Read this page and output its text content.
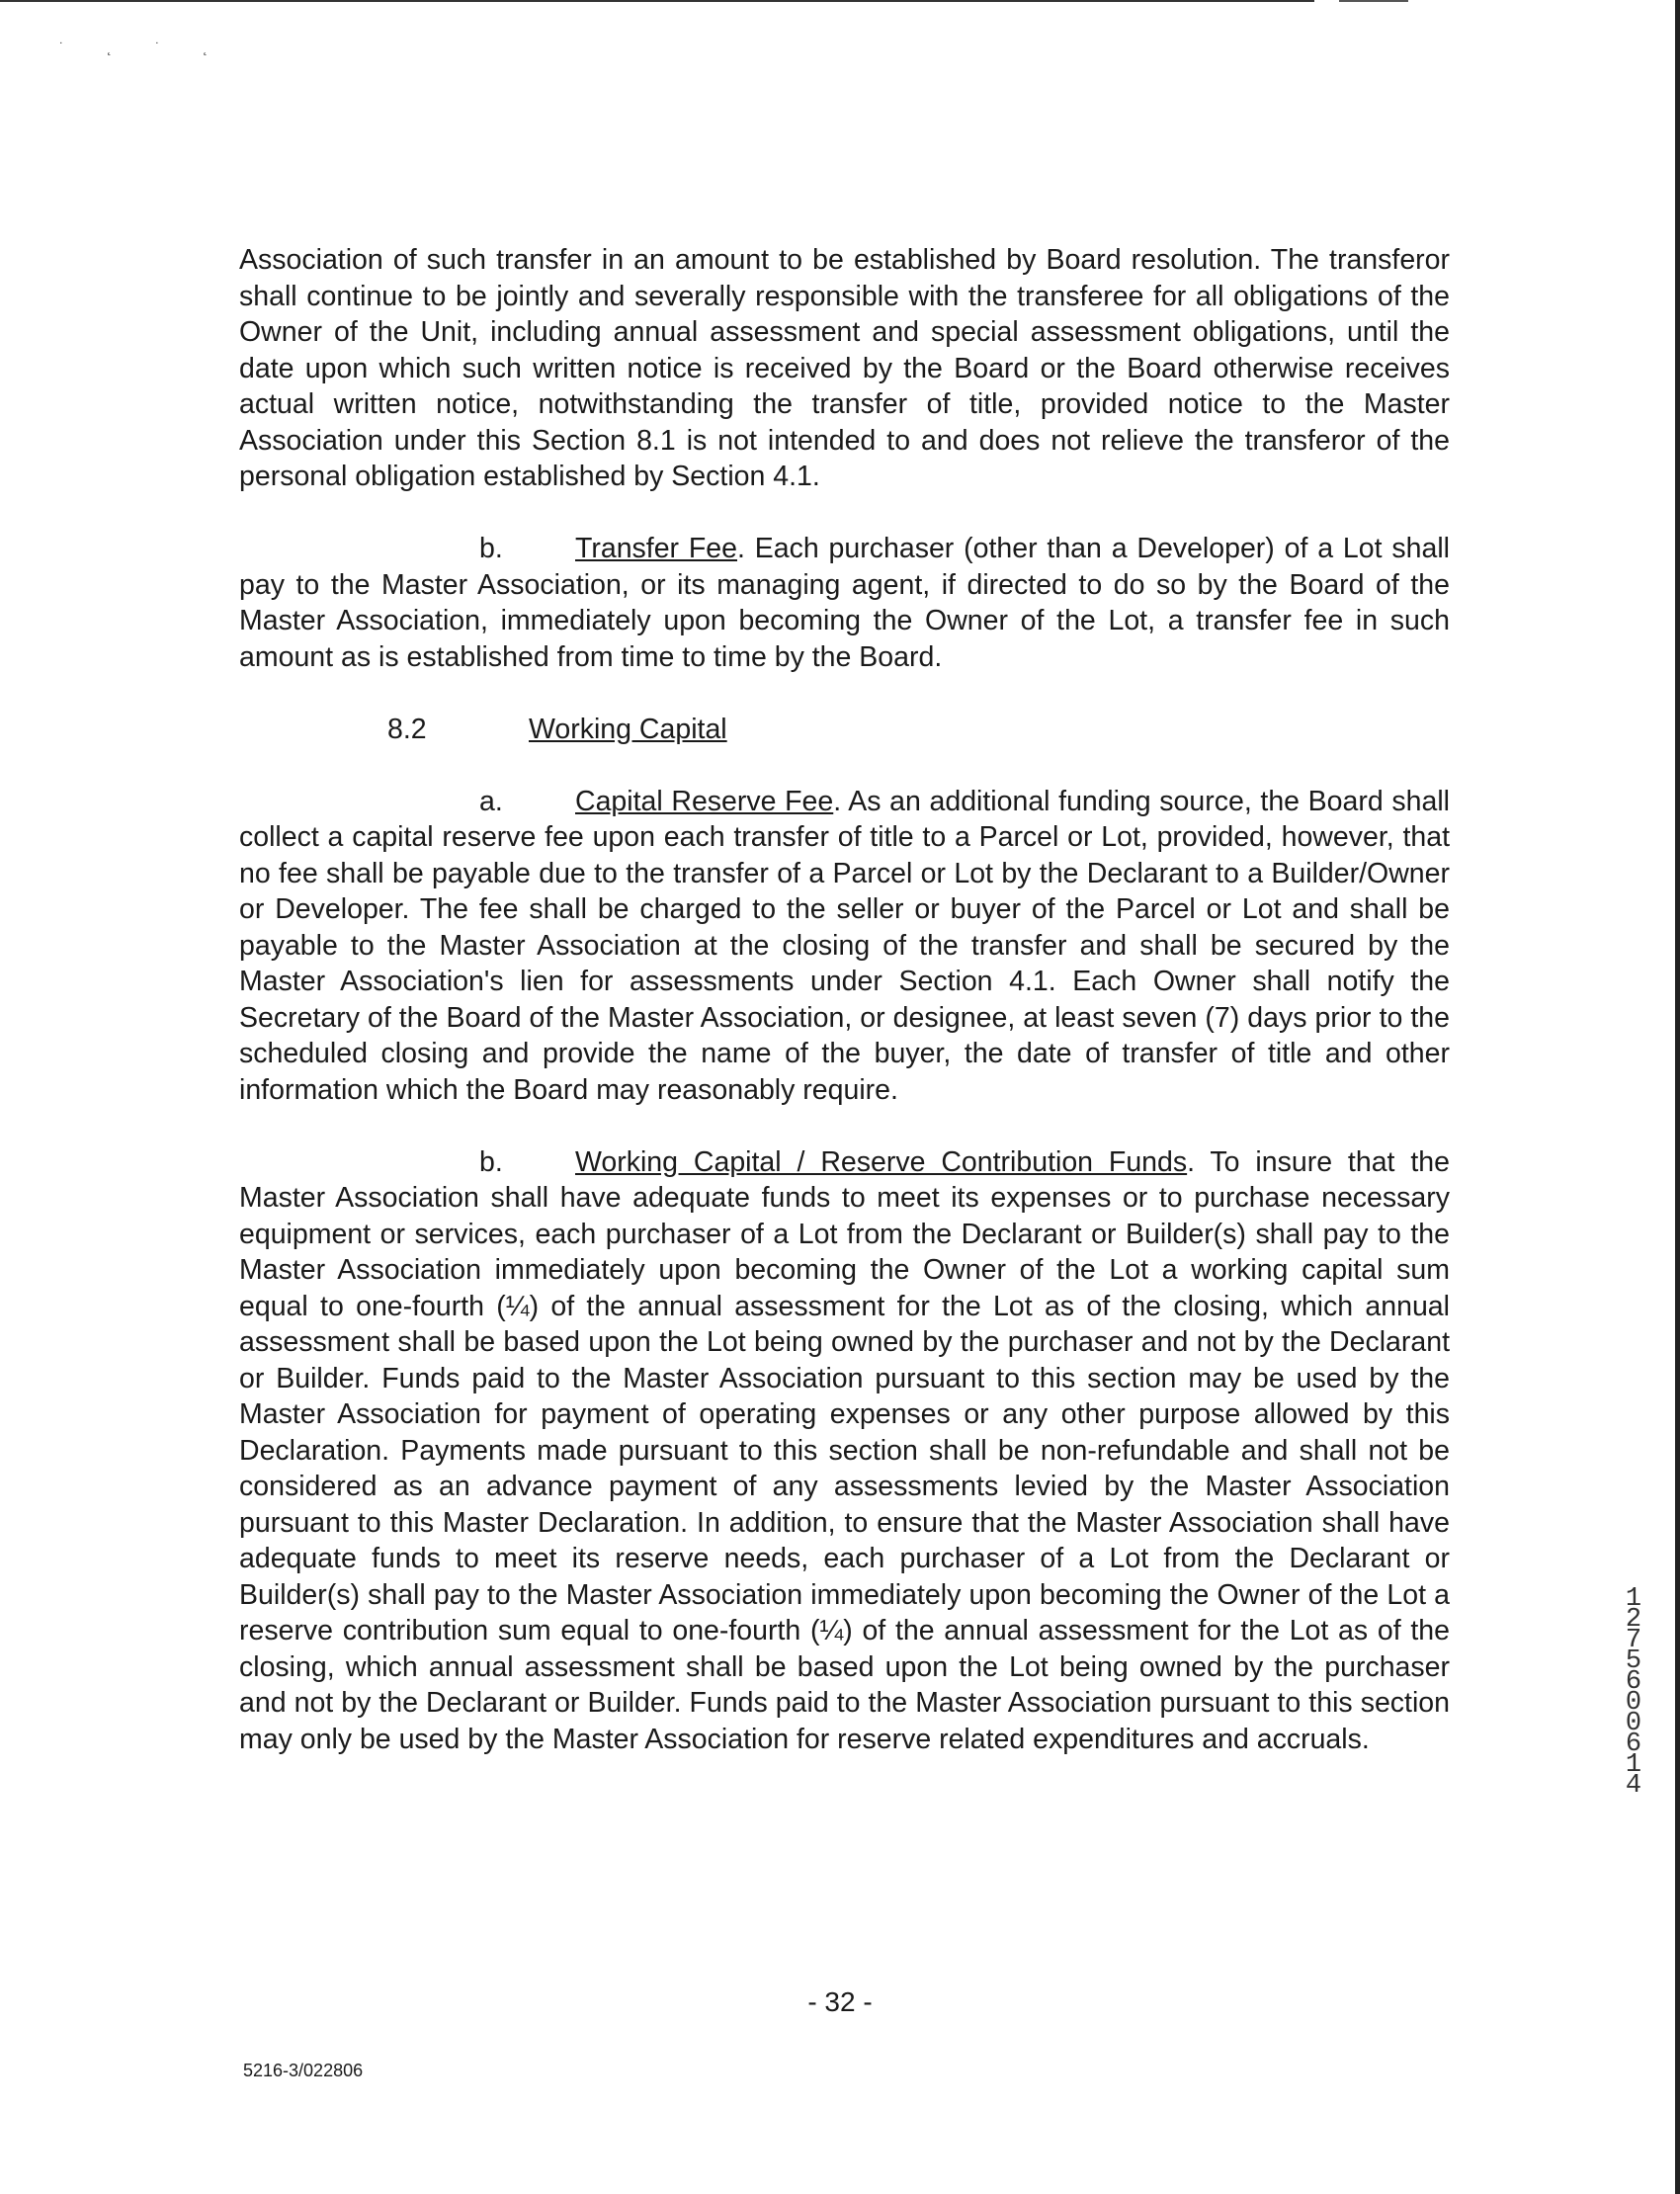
˙ ˛ ˙ ˛

Association of such transfer in an amount to be established by Board resolution. The transferor shall continue to be jointly and severally responsible with the transferee for all obligations of the Owner of the Unit, including annual assessment and special assessment obligations, until the date upon which such written notice is received by the Board or the Board otherwise receives actual written notice, notwithstanding the transfer of title, provided notice to the Master Association under this Section 8.1 is not intended to and does not relieve the transferor of the personal obligation established by Section 4.1.

b.	Transfer Fee. Each purchaser (other than a Developer) of a Lot shall pay to the Master Association, or its managing agent, if directed to do so by the Board of the Master Association, immediately upon becoming the Owner of the Lot, a transfer fee in such amount as is established from time to time by the Board.

8.2	Working Capital

a.	Capital Reserve Fee. As an additional funding source, the Board shall collect a capital reserve fee upon each transfer of title to a Parcel or Lot, provided, however, that no fee shall be payable due to the transfer of a Parcel or Lot by the Declarant to a Builder/Owner or Developer. The fee shall be charged to the seller or buyer of the Parcel or Lot and shall be payable to the Master Association at the closing of the transfer and shall be secured by the Master Association's lien for assessments under Section 4.1. Each Owner shall notify the Secretary of the Board of the Master Association, or designee, at least seven (7) days prior to the scheduled closing and provide the name of the buyer, the date of transfer of title and other information which the Board may reasonably require.

b.	Working Capital / Reserve Contribution Funds. To insure that the Master Association shall have adequate funds to meet its expenses or to purchase necessary equipment or services, each purchaser of a Lot from the Declarant or Builder(s) shall pay to the Master Association immediately upon becoming the Owner of the Lot a working capital sum equal to one-fourth (¼) of the annual assessment for the Lot as of the closing, which annual assessment shall be based upon the Lot being owned by the purchaser and not by the Declarant or Builder. Funds paid to the Master Association pursuant to this section may be used by the Master Association for payment of operating expenses or any other purpose allowed by this Declaration. Payments made pursuant to this section shall be non-refundable and shall not be considered as an advance payment of any assessments levied by the Master Association pursuant to this Master Declaration. In addition, to ensure that the Master Association shall have adequate funds to meet its reserve needs, each purchaser of a Lot from the Declarant or Builder(s) shall pay to the Master Association immediately upon becoming the Owner of the Lot a reserve contribution sum equal to one-fourth (¼) of the annual assessment for the Lot as of the closing, which annual assessment shall be based upon the Lot being owned by the purchaser and not by the Declarant or Builder. Funds paid to the Master Association pursuant to this section may only be used by the Master Association for reserve related expenditures and accruals.

12756 00614
- 32 -
5216-3/022806
